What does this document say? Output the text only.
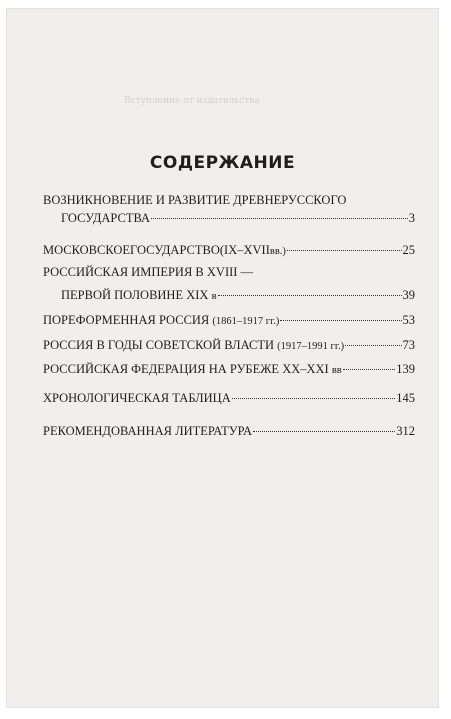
Вступление от издательства
СОДЕРЖАНИЕ
ВОЗНИКНОВЕНИЕ И РАЗВИТИЕ ДРЕВНЕРУССКОГО
ГОСУДАРСТВА	3
МОСКОВСКОЕГОСУДАРСТВО(IX–XVII вв.)	25
РОССИЙСКАЯ ИМПЕРИЯ В XVIII —
ПЕРВОЙ ПОЛОВИНЕ XIX
в	39
ПОРЕФОРМЕННАЯ РОССИЯ
(1861–1917 гг.)	53
РОССИЯ В ГОДЫ СОВЕТСКОЙ ВЛАСТИ
(1917–1991 гг.)	73
РОССИЙСКАЯ ФЕДЕРАЦИЯ НА РУБЕЖЕ XX–XXI
вв	139
ХРОНОЛОГИЧЕСКАЯ ТАБЛИЦА	145
РЕКОМЕНДОВАННАЯ ЛИТЕРАТУРА	312
